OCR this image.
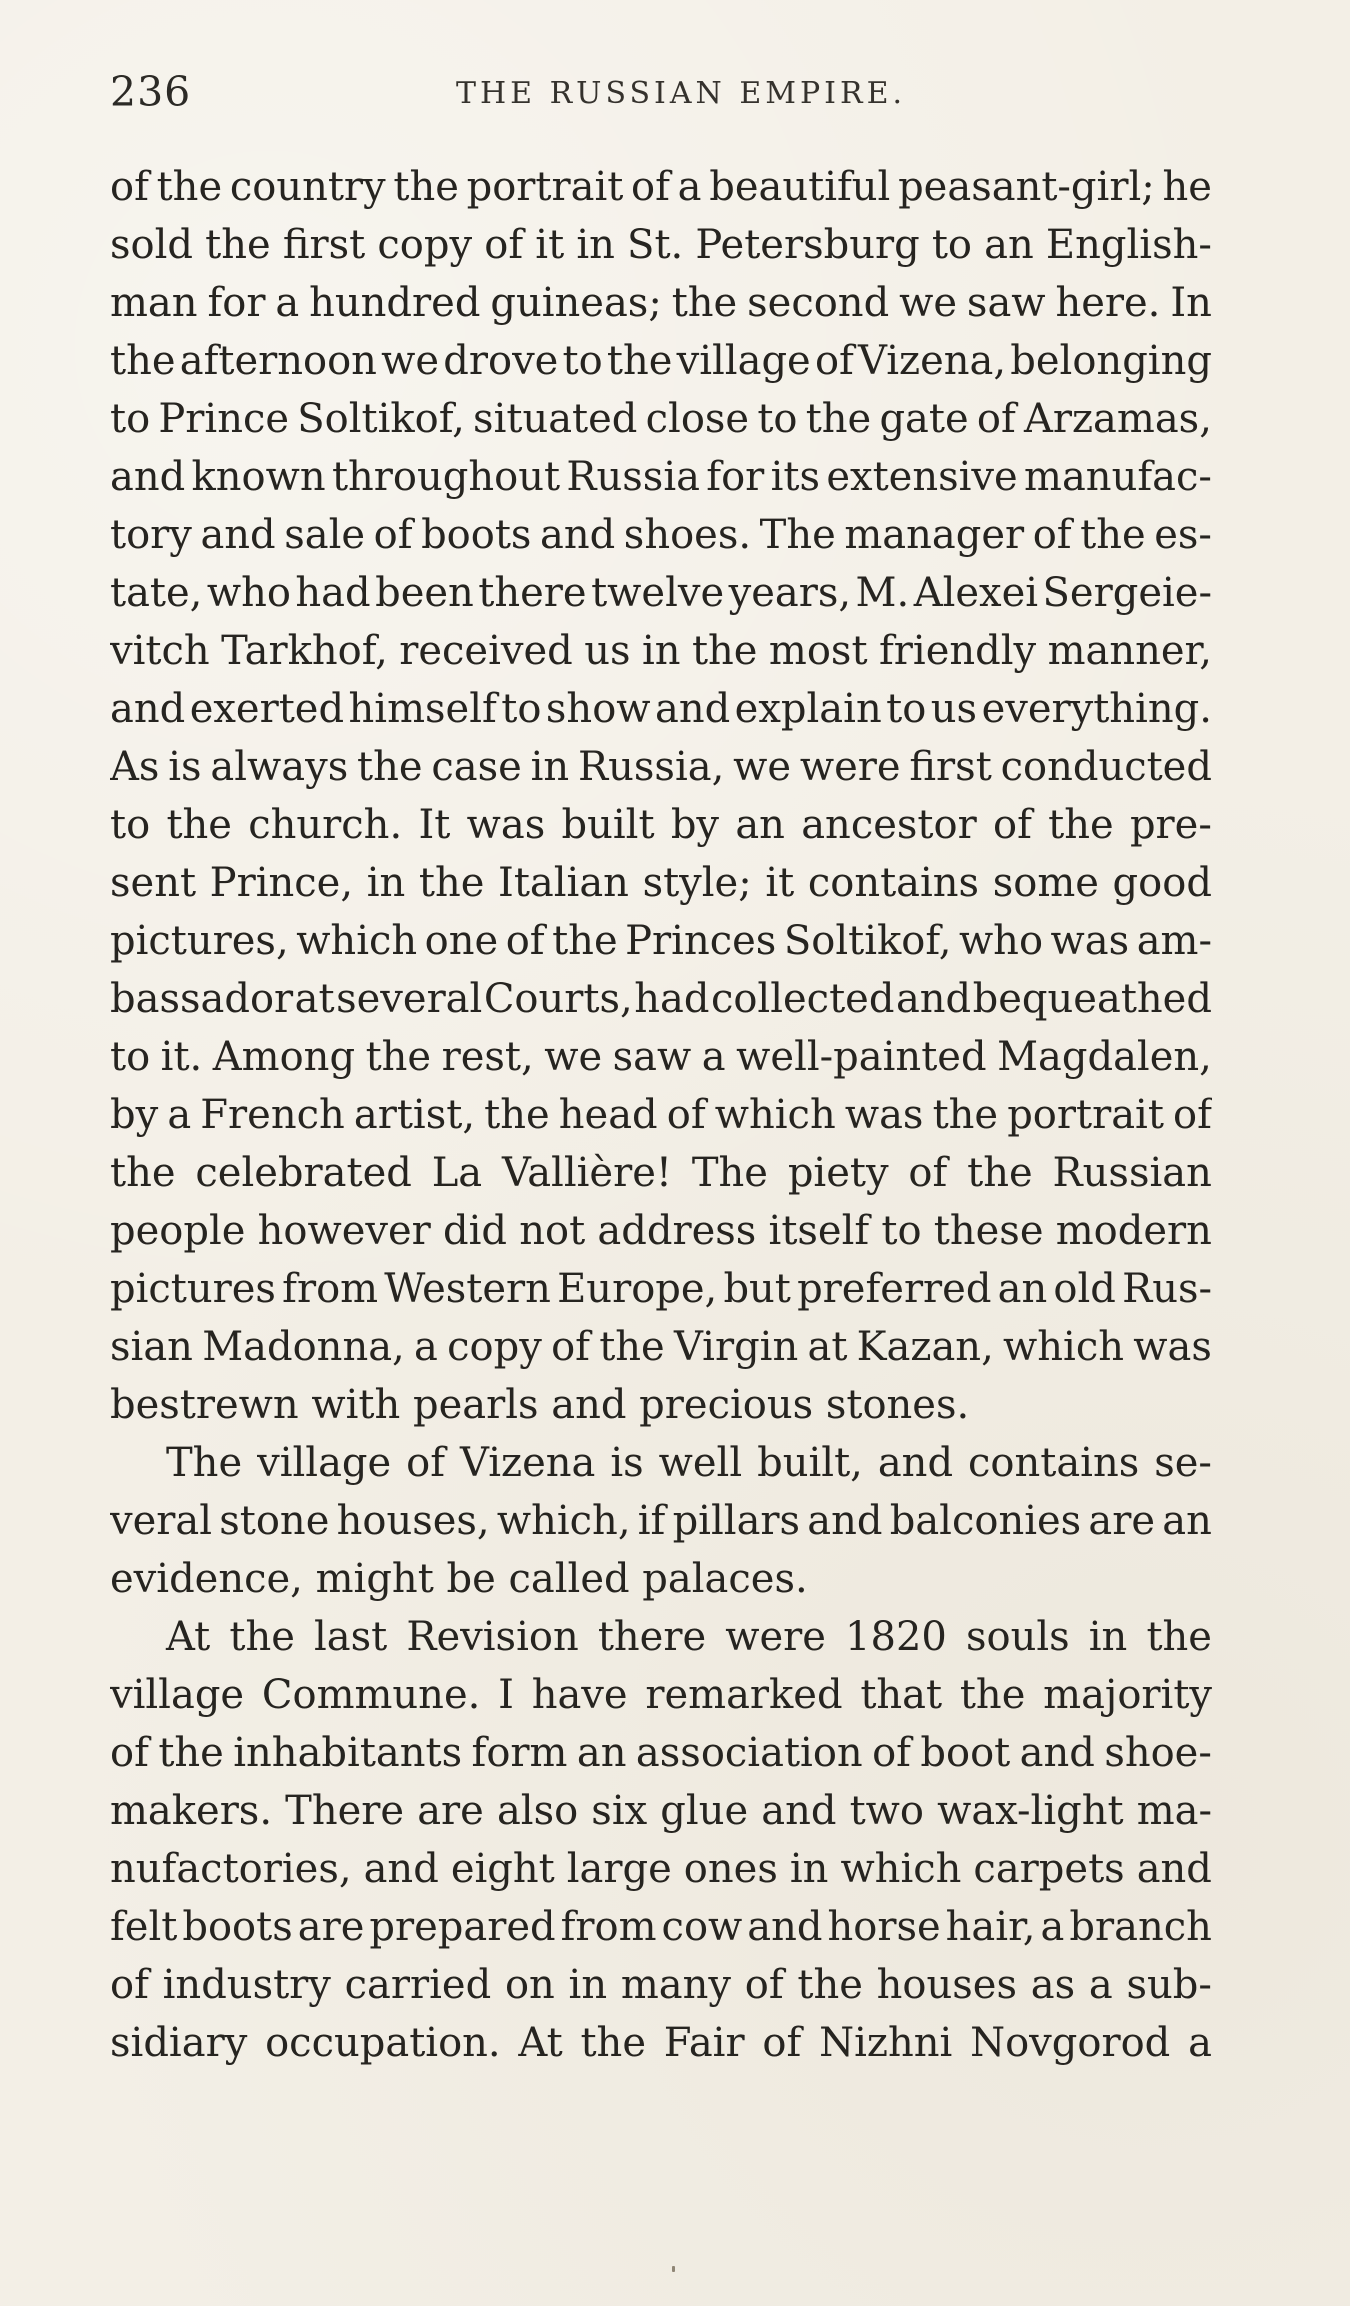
236	THE RUSSIAN EMPIRE.
of the country the portrait of a beautiful peasant-girl; he
sold the first copy of it in St. Petersburg to an English-
man for a hundred guineas; the second we saw here. In
the afternoon we drove to the village of Vizena, belonging
to Prince Soltikof, situated close to the gate of Arzamas,
and known throughout Russia for its extensive manufac-
tory and sale of boots and shoes. The manager of the es-
tate, who had been there twelve years, M. Alexei Sergeie-
vitch Tarkhof, received us in the most friendly manner,
and exerted himself to show and explain to us everything.
As is always the case in Russia, we were first conducted
to the church. It was built by an ancestor of the pre-
sent Prince, in the Italian style; it contains some good
pictures, which one of the Princes Soltikof, who was am-
bassador at several Courts, had collected and bequeathed
to it. Among the rest, we saw a well-painted Magdalen,
by a French artist, the head of which was the portrait of
the celebrated La Vallière! The piety of the Russian
people however did not address itself to these modern
pictures from Western Europe, but preferred an old Rus-
sian Madonna, a copy of the Virgin at Kazan, which was
bestrewn with pearls and precious stones.
The village of Vizena is well built, and contains se-
veral stone houses, which, if pillars and balconies are an
evidence, might be called palaces.
At the last Revision there were 1820 souls in the
village Commune. I have remarked that the majority
of the inhabitants form an association of boot and shoe-
makers. There are also six glue and two wax-light ma-
nufactories, and eight large ones in which carpets and
felt boots are prepared from cow and horse hair, a branch
of industry carried on in many of the houses as a sub-
sidiary occupation. At the Fair of Nizhni Novgorod a
